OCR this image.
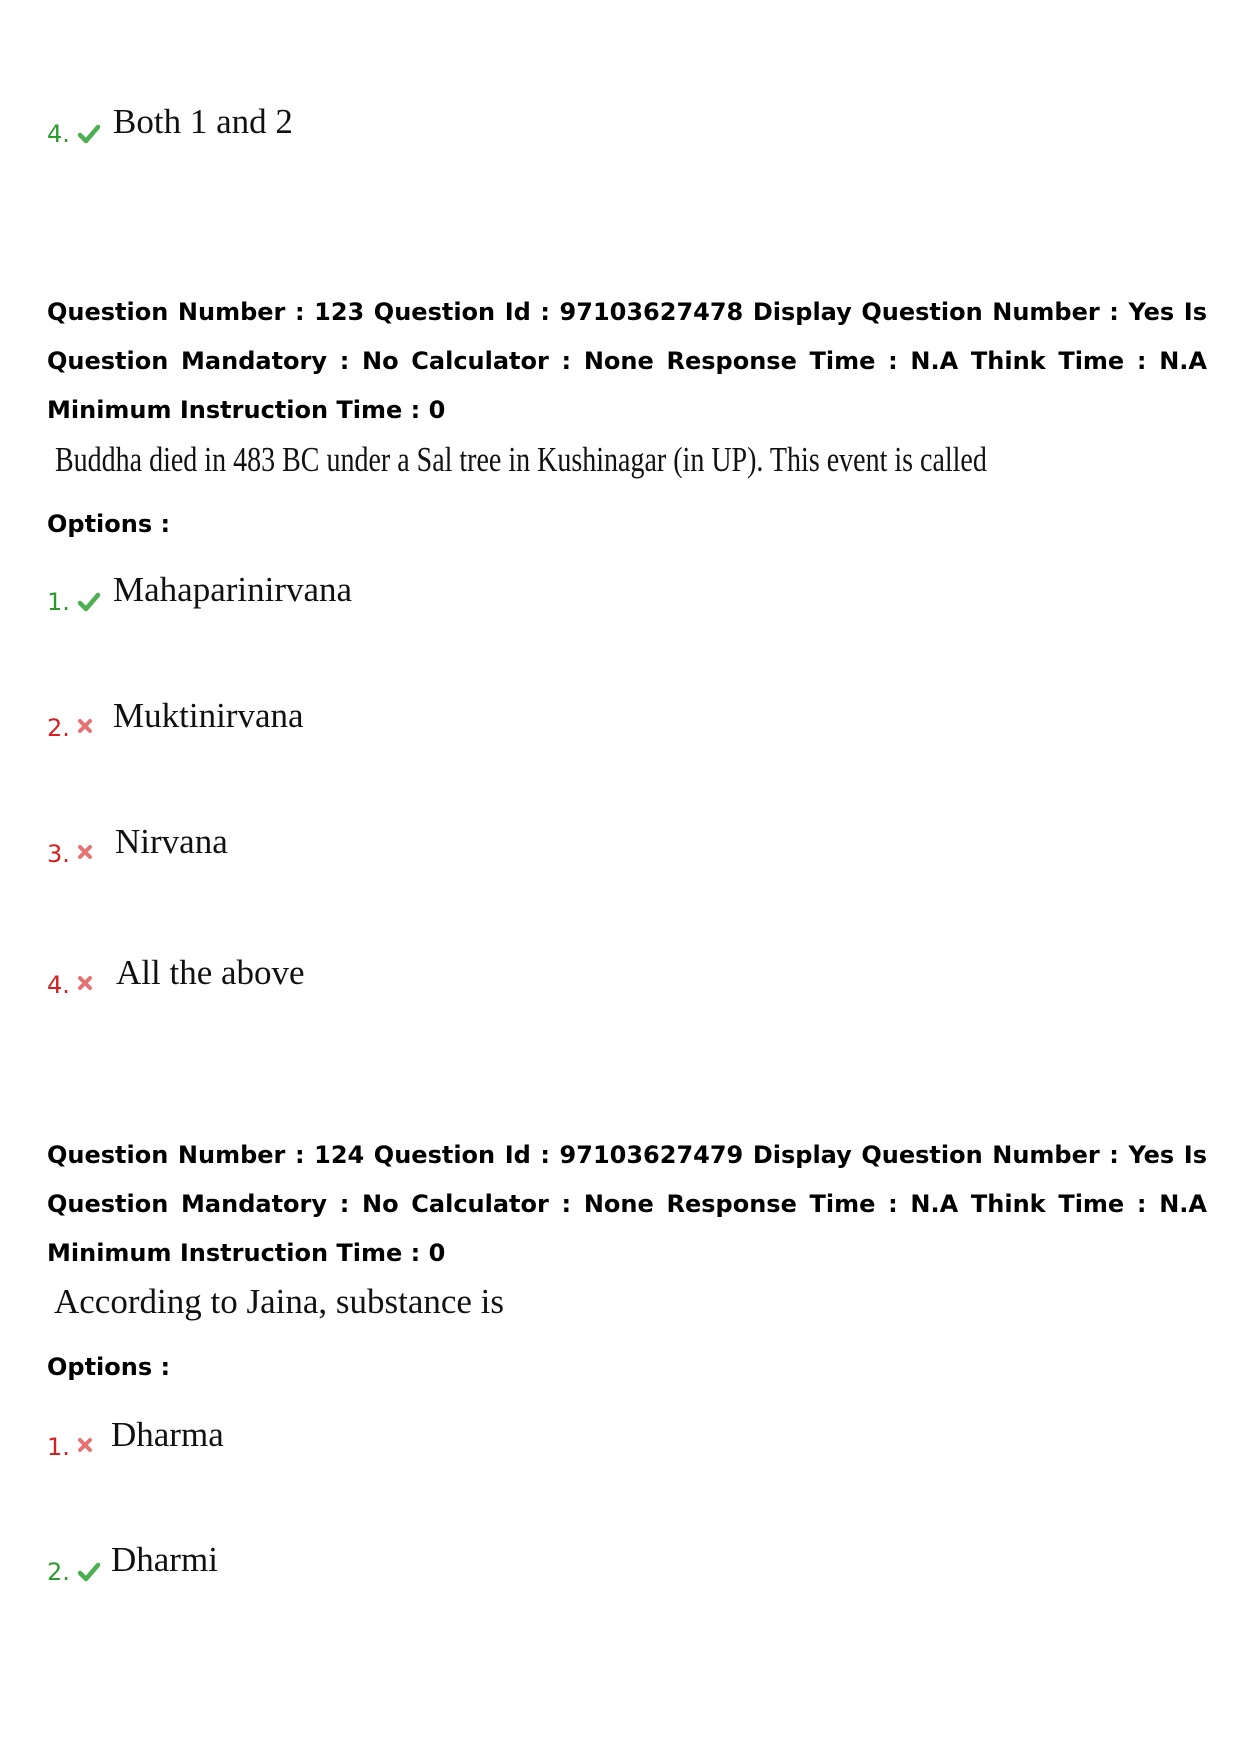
4. Both 1 and 2
Question Number : 123 Question Id : 97103627478 Display Question Number : Yes Is Question Mandatory : No Calculator : None Response Time : N.A Think Time : N.A Minimum Instruction Time : 0
Buddha died in 483 BC under a Sal tree in Kushinagar (in UP). This event is called
Options :
1. Mahaparinirvana
2. Muktinirvana
3. Nirvana
4. All the above
Question Number : 124 Question Id : 97103627479 Display Question Number : Yes Is Question Mandatory : No Calculator : None Response Time : N.A Think Time : N.A Minimum Instruction Time : 0
According to Jaina, substance is
Options :
1. Dharma
2. Dharmi
